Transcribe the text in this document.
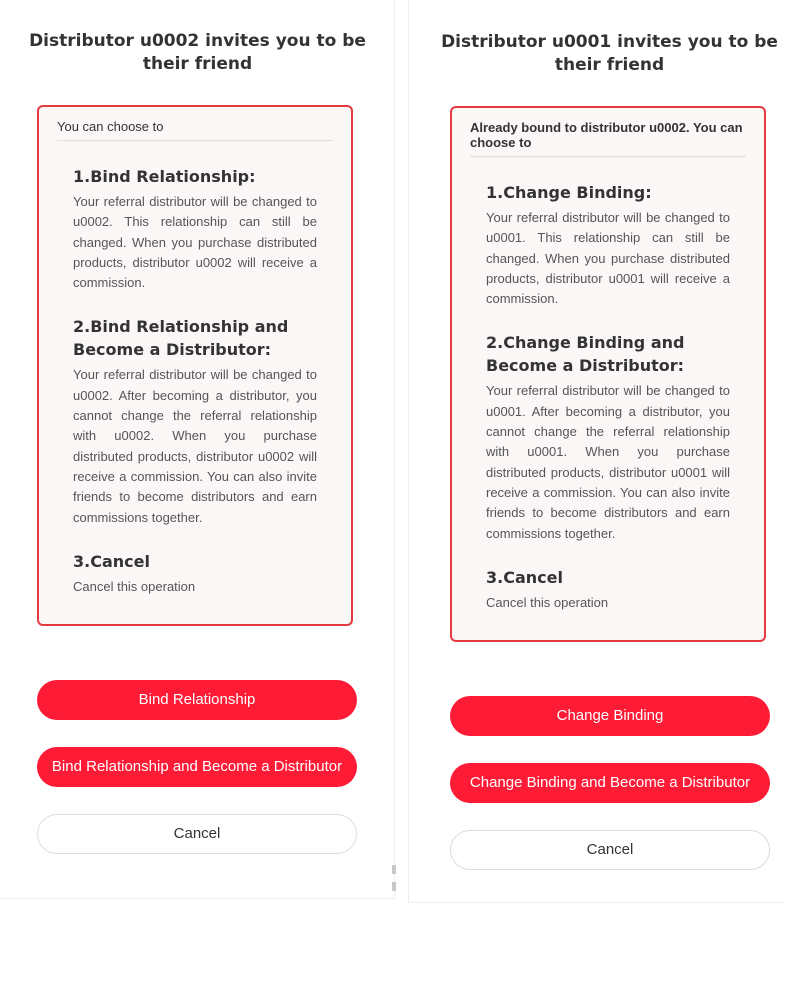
Distributor u0002 invites you to be their friend
You can choose to
1.Bind Relationship:

Your referral distributor will be changed to u0002. This relationship can still be changed. When you purchase distributed products, distributor u0002 will receive a commission.

2.Bind Relationship and Become a Distributor:

Your referral distributor will be changed to u0002. After becoming a distributor, you cannot change the referral relationship with u0002. When you purchase distributed products, distributor u0002 will receive a commission. You can also invite friends to become distributors and earn commissions together.

3.Cancel

Cancel this operation

Bind Relationship
Bind Relationship and Become a Distributor
Cancel
Distributor u0001 invites you to be their friend
Already bound to distributor u0002. You can choose to
1.Change Binding:

Your referral distributor will be changed to u0001. This relationship can still be changed. When you purchase distributed products, distributor u0001 will receive a commission.

2.Change Binding and Become a Distributor:

Your referral distributor will be changed to u0001. After becoming a distributor, you cannot change the referral relationship with u0001. When you purchase distributed products, distributor u0001 will receive a commission. You can also invite friends to become distributors and earn commissions together.

3.Cancel

Cancel this operation

Change Binding
Change Binding and Become a Distributor
Cancel
